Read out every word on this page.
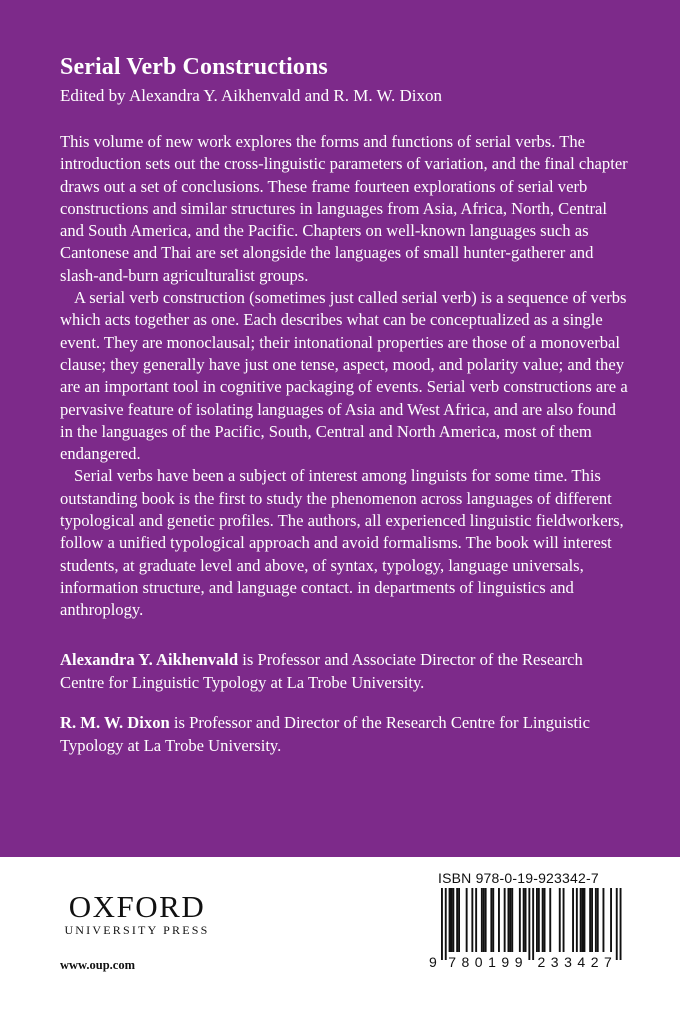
Serial Verb Constructions
Edited by Alexandra Y. Aikhenvald and R. M. W. Dixon

This volume of new work explores the forms and functions of serial verbs. The introduction sets out the cross-linguistic parameters of variation, and the final chapter draws out a set of conclusions. These frame fourteen explorations of serial verb constructions and similar structures in languages from Asia, Africa, North, Central and South America, and the Pacific. Chapters on well-known languages such as Cantonese and Thai are set alongside the languages of small hunter-gatherer and slash-and-burn agriculturalist groups.

A serial verb construction (sometimes just called serial verb) is a sequence of verbs which acts together as one. Each describes what can be conceptualized as a single event. They are monoclausal; their intonational properties are those of a monoverbal clause; they generally have just one tense, aspect, mood, and polarity value; and they are an important tool in cognitive packaging of events. Serial verb constructions are a pervasive feature of isolating languages of Asia and West Africa, and are also found in the languages of the Pacific, South, Central and North America, most of them endangered.

Serial verbs have been a subject of interest among linguists for some time. This outstanding book is the first to study the phenomenon across languages of different typological and genetic profiles. The authors, all experienced linguistic fieldworkers, follow a unified typological approach and avoid formalisms. The book will interest students, at graduate level and above, of syntax, typology, language universals, information structure, and language contact. in departments of linguistics and anthroplogy.

Alexandra Y. Aikhenvald is Professor and Associate Director of the Research Centre for Linguistic Typology at La Trobe University.
R. M. W. Dixon is Professor and Director of the Research Centre for Linguistic Typology at La Trobe University.
OXFORD
UNIVERSITY PRESS
www.oup.com
ISBN 978-0-19-923342-7
9 7 8 0 1 9 9 2 3 3 4 2 7
